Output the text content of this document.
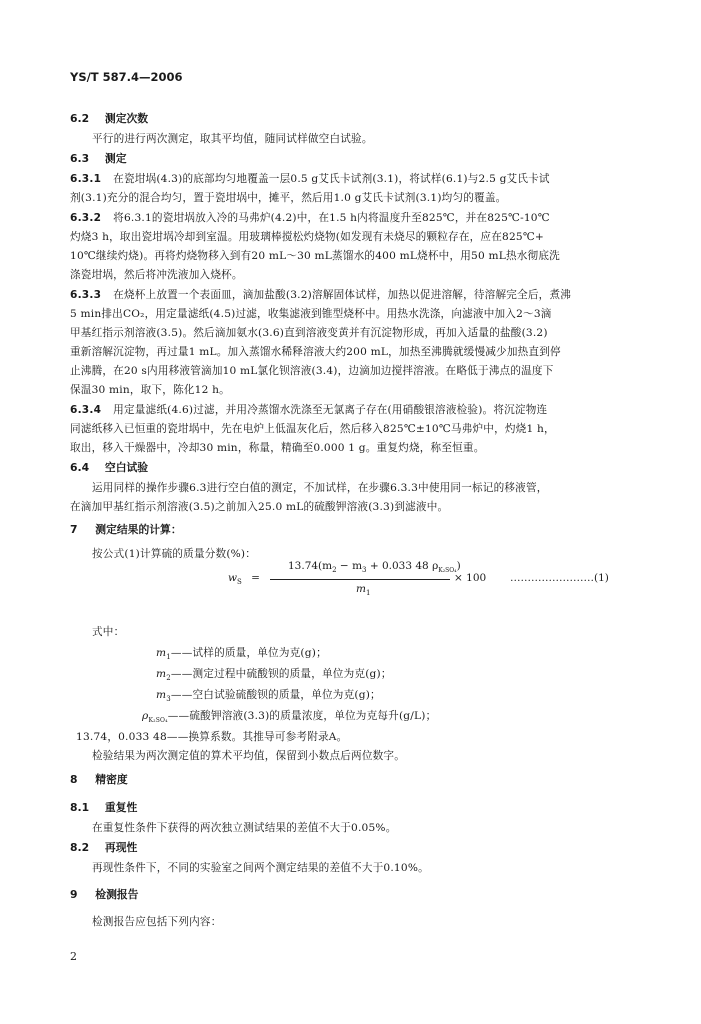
YS/T 587.4—2006
6.2 测定次数
平行的进行两次测定，取其平均值，随同试样做空白试验。
6.3 测定
6.3.1 在瓷坩埚(4.3)的底部均匀地覆盖一层0.5 g艾氏卡试剂(3.1)，将试样(6.1)与2.5 g艾氏卡试
剂(3.1)充分的混合均匀，置于瓷坩埚中，摊平，然后用1.0 g艾氏卡试剂(3.1)均匀的覆盖。
6.3.2 将6.3.1的瓷坩埚放入冷的马弗炉(4.2)中，在1.5 h内将温度升至825℃，并在825℃-10℃
灼烧3 h，取出瓷坩埚冷却到室温。用玻璃棒搅松灼烧物(如发现有未烧尽的颗粒存在，应在825℃+
10℃继续灼烧)。再将灼烧物移入到有20 mL～30 mL蒸馏水的400 mL烧杯中，用50 mL热水彻底洗
涤瓷坩埚，然后将冲洗液加入烧杯。
6.3.3 在烧杯上放置一个表面皿，滴加盐酸(3.2)溶解固体试样，加热以促进溶解，待溶解完全后，煮沸
5 min排出CO₂，用定量滤纸(4.5)过滤，收集滤液到锥型烧杯中。用热水洗涤，向滤液中加入2～3滴
甲基红指示剂溶液(3.5)。然后滴加氨水(3.6)直到溶液变黄并有沉淀物形成，再加入适量的盐酸(3.2)
重新溶解沉淀物，再过量1 mL。加入蒸馏水稀释溶液大约200 mL，加热至沸腾就缓慢减少加热直到停
止沸腾，在20 s内用移液管滴加10 mL氯化钡溶液(3.4)，边滴加边搅拌溶液。在略低于沸点的温度下
保温30 min，取下，陈化12 h。
6.3.4 用定量滤纸(4.6)过滤，并用冷蒸馏水洗涤至无氯离子存在(用硝酸银溶液检验)。将沉淀物连
同滤纸移入已恒重的瓷坩埚中，先在电炉上低温灰化后，然后移入825℃±10℃马弗炉中，灼烧1 h，
取出，移入干燥器中，冷却30 min，称量，精确至0.000 1 g。重复灼烧，称至恒重。
6.4 空白试验
运用同样的操作步骤6.3进行空白值的测定，不加试样，在步骤6.3.3中使用同一标记的移液管，
在滴加甲基红指示剂溶液(3.5)之前加入25.0 mL的硫酸钾溶液(3.3)到滤液中。
7 测定结果的计算：
按公式(1)计算硫的质量分数(%)：
$w_S$ =
$13.74(m_2 - m_3 + 0.033$ 48 $\rho_{K_2SO_4}$)
$m_1$
× 100 ……………………(1)
式中：
$m_1——$试样的质量，单位为克(g)；
$m_2——$测定过程中硫酸钡的质量，单位为克(g)；
$m_3——$空白试验硫酸钡的质量，单位为克(g)；
$\rho_{K_2SO_4}——$硫酸钾溶液(3.3)的质量浓度，单位为克每升(g/L)；
13.74，0.033 48——换算系数。其推导可参考附录A。
检验结果为两次测定值的算术平均值，保留到小数点后两位数字。
8 精密度
8.1 重复性
在重复性条件下获得的两次独立测试结果的差值不大于0.05%。
8.2 再现性
再现性条件下，不同的实验室之间两个测定结果的差值不大于0.10%。
9 检测报告
检测报告应包括下列内容：
2
